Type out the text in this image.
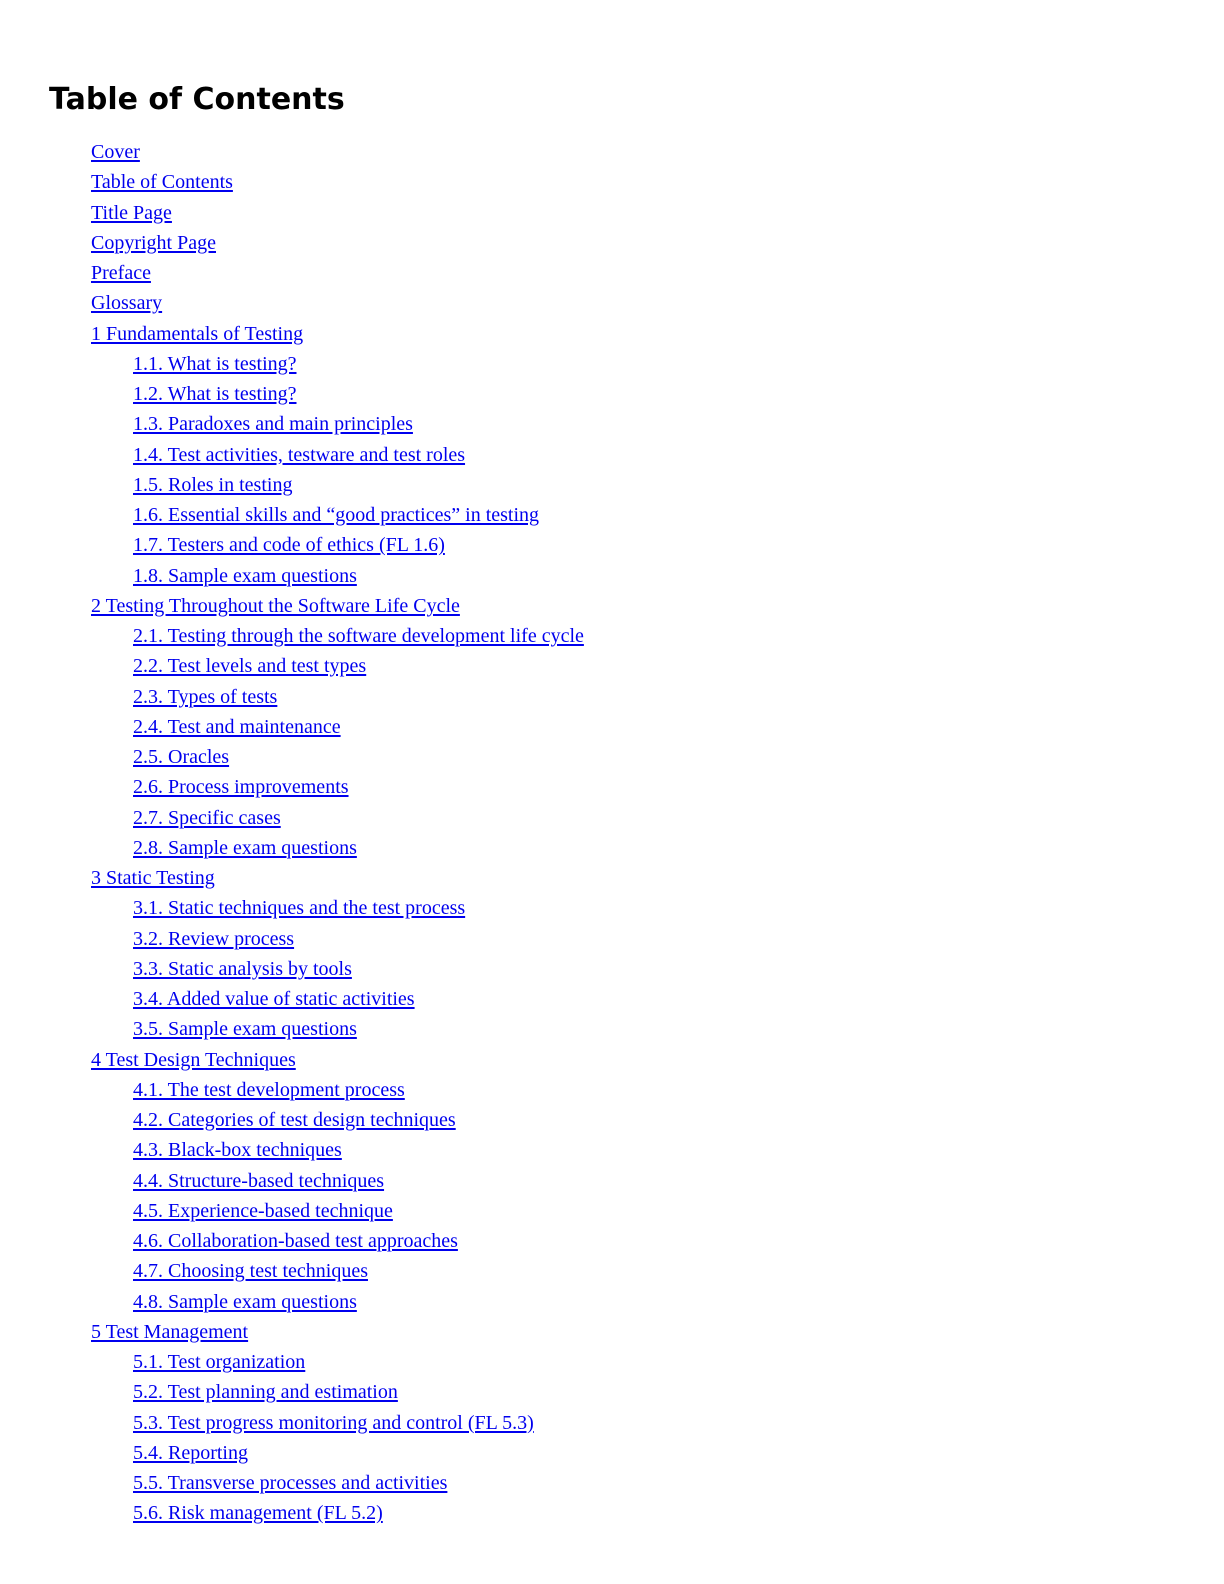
Table of Contents
Cover
Table of Contents
Title Page
Copyright Page
Preface
Glossary
1 Fundamentals of Testing
1.1. What is testing?
1.2. What is testing?
1.3. Paradoxes and main principles
1.4. Test activities, testware and test roles
1.5. Roles in testing
1.6. Essential skills and “good practices” in testing
1.7. Testers and code of ethics (FL 1.6)
1.8. Sample exam questions
2 Testing Throughout the Software Life Cycle
2.1. Testing through the software development life cycle
2.2. Test levels and test types
2.3. Types of tests
2.4. Test and maintenance
2.5. Oracles
2.6. Process improvements
2.7. Specific cases
2.8. Sample exam questions
3 Static Testing
3.1. Static techniques and the test process
3.2. Review process
3.3. Static analysis by tools
3.4. Added value of static activities
3.5. Sample exam questions
4 Test Design Techniques
4.1. The test development process
4.2. Categories of test design techniques
4.3. Black-box techniques
4.4. Structure-based techniques
4.5. Experience-based technique
4.6. Collaboration-based test approaches
4.7. Choosing test techniques
4.8. Sample exam questions
5 Test Management
5.1. Test organization
5.2. Test planning and estimation
5.3. Test progress monitoring and control (FL 5.3)
5.4. Reporting
5.5. Transverse processes and activities
5.6. Risk management (FL 5.2)
